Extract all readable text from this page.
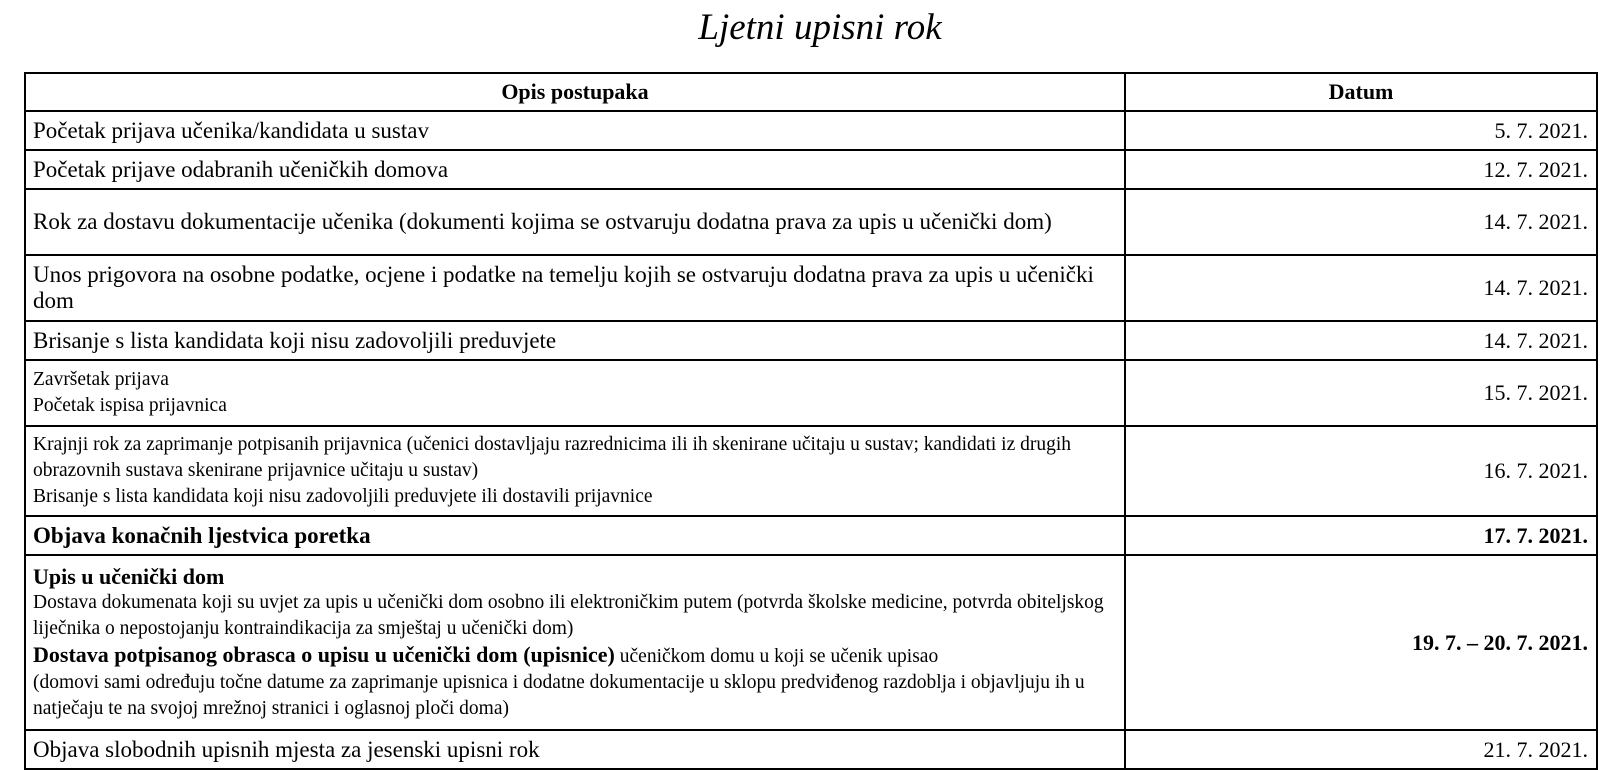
Ljetni upisni rok
Opis postupaka	Datum
Početak prijava učenika/kandidata u sustav	5. 7. 2021.
Početak prijave odabranih učeničkih domova	12. 7. 2021.
Rok za dostavu dokumentacije učenika (dokumenti kojima se ostvaruju dodatna prava za upis u učenički dom)	14. 7. 2021.
Unos prigovora na osobne podatke, ocjene i podatke na temelju kojih se ostvaruju dodatna prava za upis u učenički dom	14. 7. 2021.
Brisanje s lista kandidata koji nisu zadovoljili preduvjete	14. 7. 2021.

Završetak prijava
Početak ispisa prijavnica	15. 7. 2021.

Krajnji rok za zaprimanje potpisanih prijavnica (učenici dostavljaju razrednicima ili ih skenirane učitaju u sustav; kandidati iz drugih obrazovnih sustava skenirane prijavnice učitaju u sustav)
Brisanje s lista kandidata koji nisu zadovoljili preduvjete ili dostavili prijavnice	16. 7. 2021.
Objava konačnih ljestvica poretka	17. 7. 2021.

Upis u učenički dom
Dostava dokumenata koji su uvjet za upis u učenički dom osobno ili elektroničkim putem (potvrda školske medicine, potvrda obiteljskog liječnika o nepostojanju kontraindikacija za smještaj u učenički dom)
Dostava potpisanog obrasca o upisu u učenički dom (upisnice) učeničkom domu u koji se učenik upisao
(domovi sami određuju točne datume za zaprimanje upisnica i dodatne dokumentacije u sklopu predviđenog razdoblja i objavljuju ih u natječaju te na svojoj mrežnoj stranici i oglasnoj ploči doma)	19. 7. – 20. 7. 2021.
Objava slobodnih upisnih mjesta za jesenski upisni rok	21. 7. 2021.
